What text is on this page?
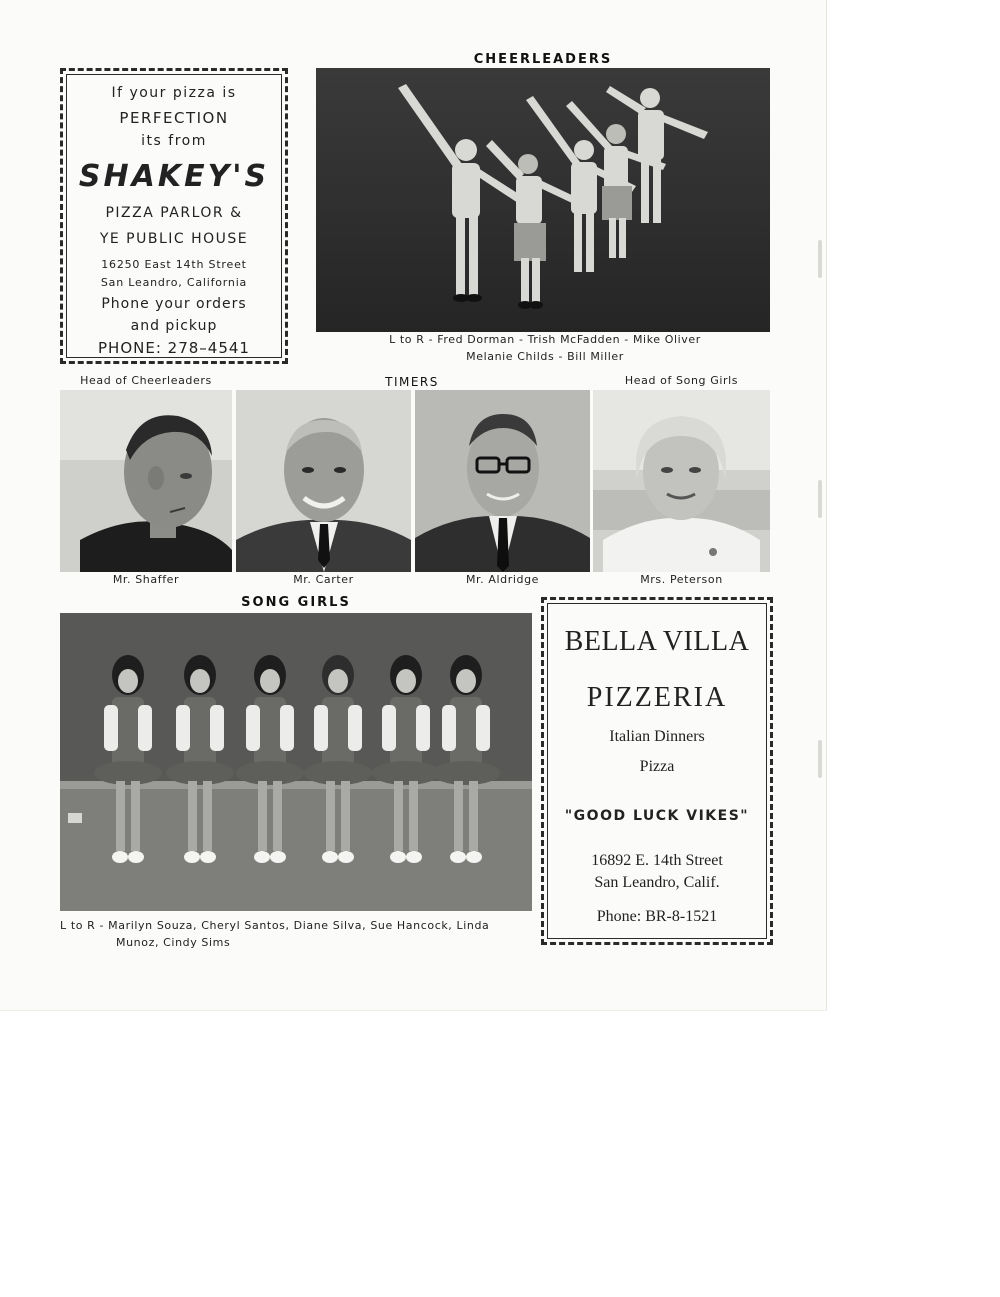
CHEERLEADERS
If your pizza is
PERFECTION
its from
SHAKEY'S
PIZZA PARLOR &
YE PUBLIC HOUSE
16250 East 14th Street
San Leandro, California
Phone your orders
and pickup
PHONE: 278–4541	L to R - Fred Dorman - Trish McFadden - Mike Oliver
Melanie Childs - Bill Miller
Head of Cheerleaders	TIMERS	Head of Song Girls
Mr. Shaffer	Mr. Carter	Mr. Aldridge	Mrs. Peterson
SONG GIRLS
L to R - Marilyn Souza, Cheryl Santos, Diane Silva, Sue Hancock, Linda
Munoz, Cindy Sims
BELLA VILLA
PIZZERIA
Italian Dinners
Pizza
"GOOD LUCK VIKES"
16892 E. 14th Street
San Leandro, Calif.
Phone: BR-8-1521
